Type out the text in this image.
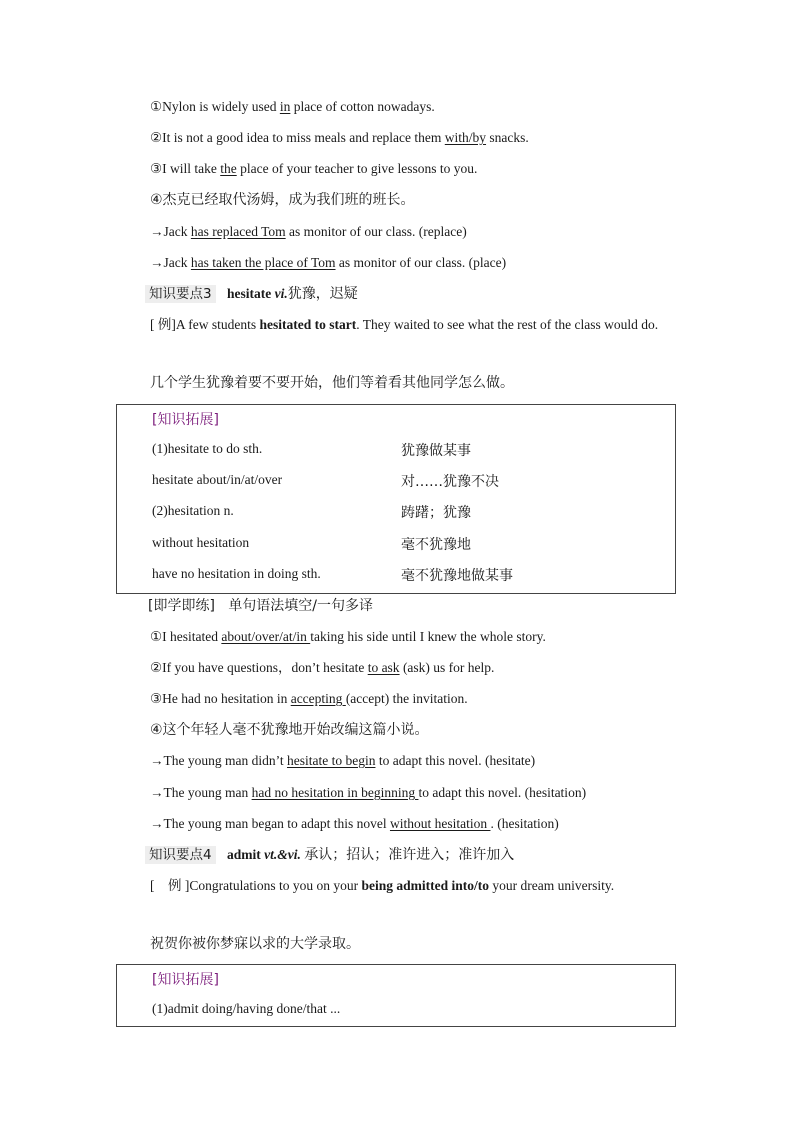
①Nylon is widely used in place of cotton nowadays.
②It is not a good idea to miss meals and replace them with/by snacks.
③I will take the place of your teacher to give lessons to you.
④杰克已经取代汤姆，成为我们班的班长。
→Jack has replaced Tom as monitor of our class. (replace)
→Jack has taken the place of Tom as monitor of our class. (place)
知识要点3 hesitate vi.犹豫，迟疑
[ 例]A few students hesitated to start. They waited to see what the rest of the class would do.
几个学生犹豫着要不要开始，他们等着看其他同学怎么做。
[知识拓展]
(1)hesitate to do sth.	犹豫做某事
hesitate about/in/at/over	对……犹豫不决
(2)hesitation n.	踌躇；犹豫
without hesitation	毫不犹豫地
have no hesitation in doing sth.	毫不犹豫地做某事
[即学即练] 单句语法填空/一句多译
①I hesitated about/over/at/in taking his side until I knew the whole story.
②If you have questions，don’t hesitate to ask (ask) us for help.
③He had no hesitation in accepting (accept) the invitation.
④这个年轻人毫不犹豫地开始改编这篇小说。
→The young man didn’t hesitate to begin to adapt this novel. (hesitate)
→The young man had no hesitation in beginning to adapt this novel. (hesitation)
→The young man began to adapt this novel without hesitation . (hesitation)
知识要点4 admit vt.&vi. 承认；招认；准许进入；准许加入
[　例 ]Congratulations to you on your being admitted into/to your dream university.
祝贺你被你梦寐以求的大学录取。
[知识拓展]
(1)admit doing/having done/that ...
